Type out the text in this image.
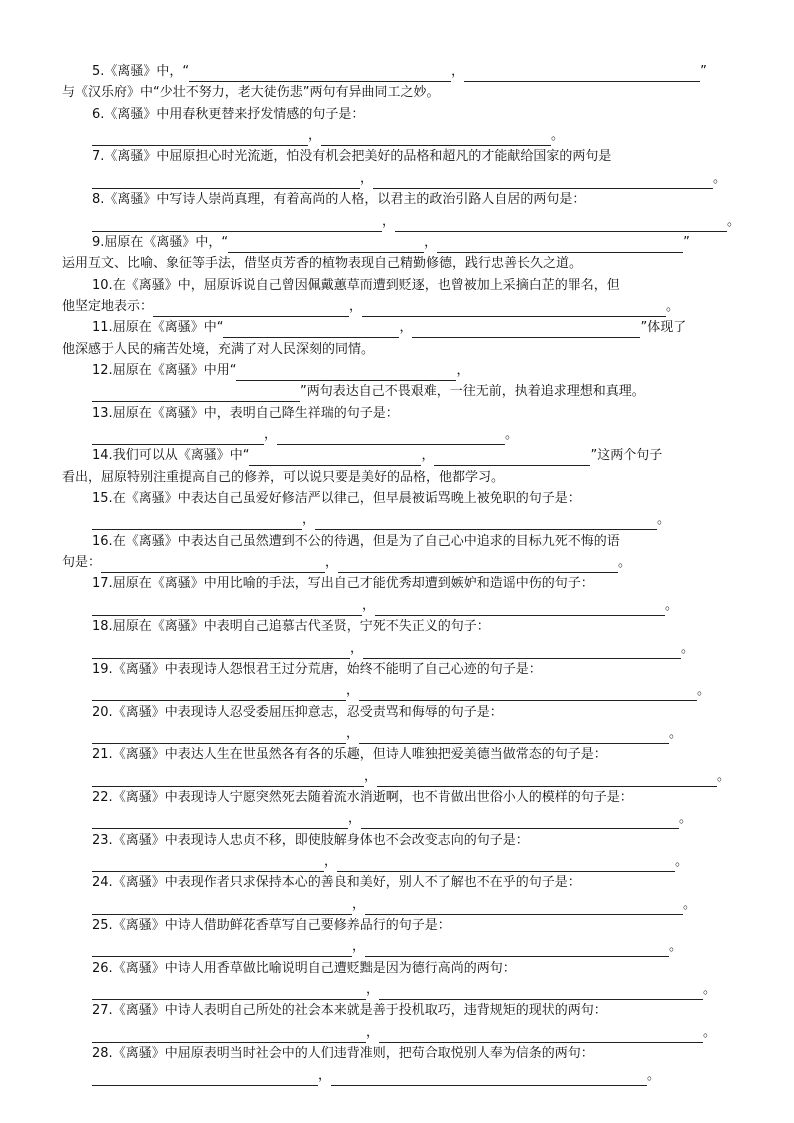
5.《离骚》中，“	，	”
与《汉乐府》中“少壮不努力，老大徒伤悲”两句有异曲同工之妙。
6.《离骚》中用春秋更替来抒发情感的句子是：
，	。
7.《离骚》中屈原担心时光流逝，怕没有机会把美好的品格和超凡的才能献给国家的两句是
，	。
8.《离骚》中写诗人崇尚真理，有着高尚的人格，以君主的政治引路人自居的两句是：
，	。
9.屈原在《离骚》中，“	，	”
运用互文、比喻、象征等手法，借坚贞芳香的植物表现自己精勤修德，践行忠善长久之道。
10.在《离骚》中，屈原诉说自己曾因佩戴蕙草而遭到贬逐，也曾被加上采摘白芷的罪名，但
他坚定地表示：	，	。
11.屈原在《离骚》中“	，	”体现了
他深感于人民的痛苦处境，充满了对人民深刻的同情。
12.屈原在《离骚》中用“	，
”两句表达自己不畏艰难，一往无前，执着追求理想和真理。
13.屈原在《离骚》中，表明自己降生祥瑞的句子是：
，	。
14.我们可以从《离骚》中“	，	”这两个句子
看出，屈原特别注重提高自己的修养，可以说只要是美好的品格，他都学习。
15.在《离骚》中表达自己虽爱好修洁严以律己，但早晨被诟骂晚上被免职的句子是：
，	。
16.在《离骚》中表达自己虽然遭到不公的待遇，但是为了自己心中追求的目标九死不悔的语
句是：	，	。
17.屈原在《离骚》中用比喻的手法，写出自己才能优秀却遭到嫉妒和造谣中伤的句子：
，	。
18.屈原在《离骚》中表明自己追慕古代圣贤，宁死不失正义的句子：
，	。
19.《离骚》中表现诗人怨恨君王过分荒唐，始终不能明了自己心迹的句子是：
，	。
20.《离骚》中表现诗人忍受委屈压抑意志，忍受责骂和侮辱的句子是：
，	。
21.《离骚》中表达人生在世虽然各有各的乐趣，但诗人唯独把爱美德当做常态的句子是：
，	。
22.《离骚》中表现诗人宁愿突然死去随着流水消逝啊，也不肯做出世俗小人的模样的句子是：
，	。
23.《离骚》中表现诗人忠贞不移，即使肢解身体也不会改变志向的句子是：
，	。
24.《离骚》中表现作者只求保持本心的善良和美好，别人不了解也不在乎的句子是：
，	。
25.《离骚》中诗人借助鲜花香草写自己要修养品行的句子是：
，	。
26.《离骚》中诗人用香草做比喻说明自己遭贬黜是因为德行高尚的两句：
，	。
27.《离骚》中诗人表明自己所处的社会本来就是善于投机取巧，违背规矩的现状的两句：
，	。
28.《离骚》中屈原表明当时社会中的人们违背准则，把苟合取悦别人奉为信条的两句：
，	。
